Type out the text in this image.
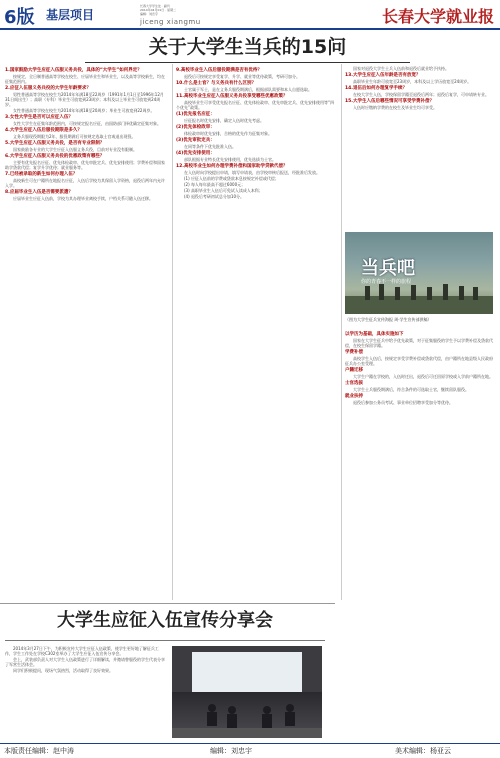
6版 基层项目
长春大学学生处 · 副刊
2014年04月01日 · 星期二
编辑：刘忠宇
jiceng xiangmu	长春大学就业报
关于大学生当兵的15问
1.国家鼓励大学生应征入伍服义务兵役，具体的“大学生”如何界定？

按规定，全日制普通高等学校在校生、应届毕业生和毕业生，以及高等学校新生，均在征集范围内。

2.应征入伍服义务兵役的大学生年龄要求？

男性普通高等学校在校生为2014年年满18至22周岁（1991年1月1日至1996年12月31日间出生）；高职（专科）毕业生可放宽到23周岁；本科及以上毕业生可放宽到24周岁。

女性普通高等学校在校生为2014年年满18至20周岁；毕业生可放宽到22周岁。

3.女性大学生是否可以应征入伍？

女性大学生在征集年龄范围内，可按规定报名应征，由国防部门择优确定征集对象。

4.大学生应征入伍后服役期限是多久？

义务兵服现役期限为2年，服役期满后可按规定选取士官或退出现役。

5.大学生应征入伍服义务兵役，是否有专业限制？

国家鼓励各专业的大学生应征入伍服义务兵役，目前对专业没有限制。

6.大学生应征入伍服义务兵役的优惠政策有哪些？

主要有优先报名应征、优先体检政审、优先审批定兵、优先安排使用；学费补偿和国家助学贷款代偿；复学升学优待；就业服务等。

7.已经被录取的新生如何办理入伍？

高校新生可在户籍所在地报名应征，入伍后学校为其保留入学资格，退役后两年内允许入学。

8.应届毕业生入伍是否需要派遣？

应届毕业生应征入伍前，学校为其办理毕业离校手续，户档关系可随入伍迁移。

9.高校毕业生入伍后服役期满是否有优待？

退役后可按规定享受复学、升学、就业等优待政策，考研可加分。

10.什么是士官？与义务兵有什么区别？

士官属于军士，是在义务兵服役期满后，根据部队需要和本人自愿选取。

11.高校毕业生应征入伍服义务兵役享受哪些优惠政策？

高校毕业生可享受优先报名应征、优先体检政审、优先审批定兵、优先安排使用等“四个优先”政策。

(1)优先报名应征：

应征报名时优先安排，确定入伍时优先考虑。

(2)优先体检政审：

体检政审时优先安排，合格的优先作为征集对象。

(3)优先审批定兵：

在同等条件下优先批准入伍。

(4)优先安排使用：

部队根据专业特长优先安排使用，优先选拔为士官。

12.高校毕业生如何办理学费补偿和国家助学贷款代偿？

在入伍时向学校提出申请，填写申请表，由学校审核后报送，经批准后发放。

(1) 应征入伍前的学费或贷款本息按规定补偿或代偿；

(2) 每人每年最高不超过6000元；

(3) 高职毕业生入伍后可免试入读成人本科；

(4) 退役后考研初试总分加10分。

国家对退役大学生士兵入伍前和退役后就业给予扶持。

13.大学生应征入伍年龄是否有放宽？

高职毕业生年龄可放宽至23周岁，本科及以上学历放宽至24周岁。

14.退伍后如何办理复学手续？

在校大学生入伍，学校保留学籍至退役后两年；退役后复学，可申请转专业。

15.大学生入伍后哪些情况可享受学费补偿？

入伍时应缴纳学费的在校生及毕业生均可享受。

当兵吧
你的青春不一样的旅程
（图为大学生征兵宣传海报 周·学生宣传部供稿）
以学历为基础，具体实施如下

国家在大学生征兵中给予优先政策，对于征集服役的学生予以学费补偿及贷款代偿，在校生保留学籍。

学费补偿

高校学生入伍后，按规定享受学费补偿或贷款代偿，由户籍所在地县级人民政府征兵办公室受理。

户籍迁移

大学生户籍在学校的，入伍时迁出，退役后可迁回原学校或入学前户籍所在地。

士官选拔

大学生士兵服役期满后，符合条件的可选取士官，继续留队服役。

就业扶持

退役后参加公务员考试、事业单位招聘享受加分等优待。

大学生应征入伍宣传分享会

2014年3月27日下午，为积极宣传大学生应征入伍政策，使学生更好地了解征兵工作，学生工作处在学校C302室举办了大学生应征入伍宣传分享会。

会上，武装部负责人对大学生入伍政策进行了详细解读，并邀请曾服役的学生代表分享了军营生活体会。

同学们积极提问，现场气氛热烈，活动取得了良好效果。

本版责任编辑：赵中涛	编辑：刘忠宇	美术编辑：杨亚云
